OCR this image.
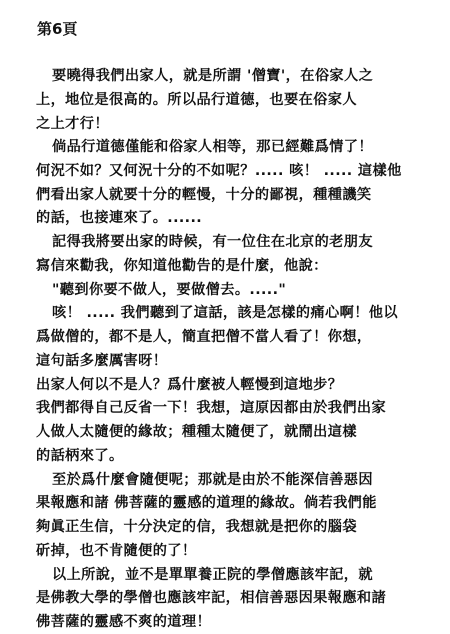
第6頁
要曉得我們出家人，就是所謂 '僧寶'，在俗家人之
上，地位是很高的。所以品行道德，也要在俗家人
之上才行！
倘品行道德僅能和俗家人相等，那已經難爲情了！
何況不如？又何況十分的不如呢？..... 咳！ ..... 這樣他
們看出家人就要十分的輕慢，十分的鄙視，種種譏笑
的話，也接連來了。......
記得我將要出家的時候，有一位住在北京的老朋友
寫信來勸我，你知道他勸告的是什麼，他說：
"聽到你要不做人，要做僧去。....."
咳！ ..... 我們聽到了這話，該是怎樣的痛心啊！他以
爲做僧的，都不是人，簡直把僧不當人看了！你想，
這句話多麼厲害呀！
出家人何以不是人？爲什麼被人輕慢到這地步？
我們都得自己反省一下！我想，這原因都由於我們出家
人做人太隨便的緣故；種種太隨便了，就鬧出這樣
的話柄來了。
至於爲什麼會隨便呢；那就是由於不能深信善惡因
果報應和諸 佛菩薩的靈感的道理的緣故。倘若我們能
夠眞正生信，十分決定的信，我想就是把你的腦袋
斫掉，也不肯隨便的了！
以上所說，並不是單單養正院的學僧應該牢記，就
是佛教大學的學僧也應該牢記，相信善惡因果報應和諸
佛菩薩的靈感不爽的道理！
